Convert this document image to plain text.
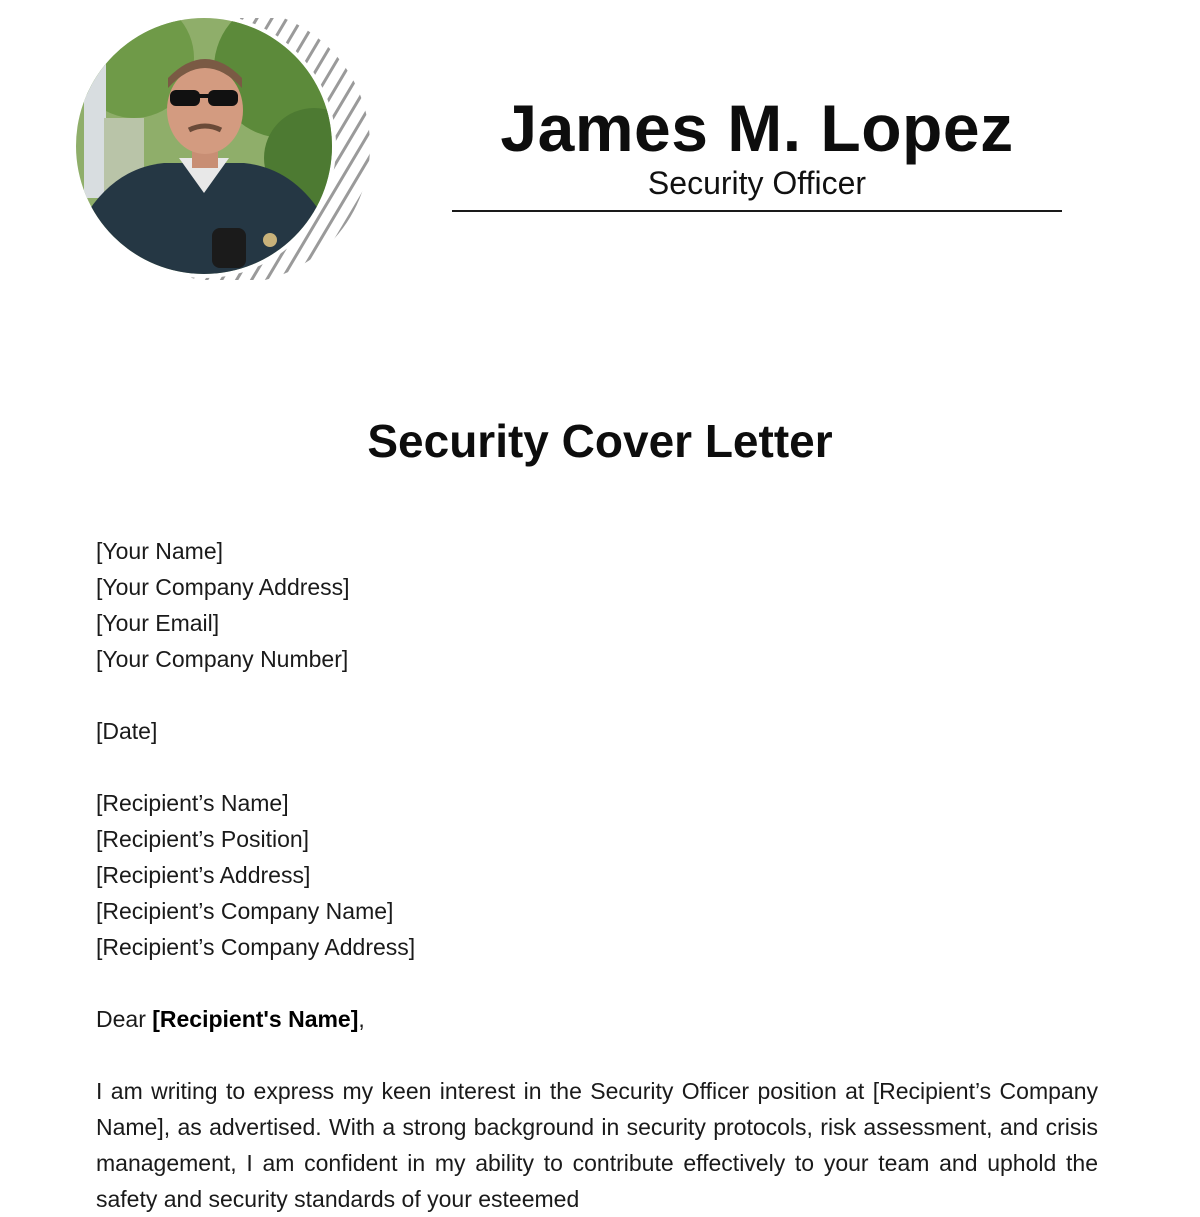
James M. Lopez
Security Officer
Security Cover Letter
[Your Name]
[Your Company Address]
[Your Email]
[Your Company Number]
[Date]
[Recipient’s Name]
[Recipient’s Position]
[Recipient’s Address]
[Recipient’s Company Name]
[Recipient’s Company Address]
Dear [Recipient's Name],
I am writing to express my keen interest in the Security Officer position at [Recipient’s Company Name], as advertised. With a strong background in security protocols, risk assessment, and crisis management, I am confident in my ability to contribute effectively to your team and uphold the safety and security standards of your esteemed
